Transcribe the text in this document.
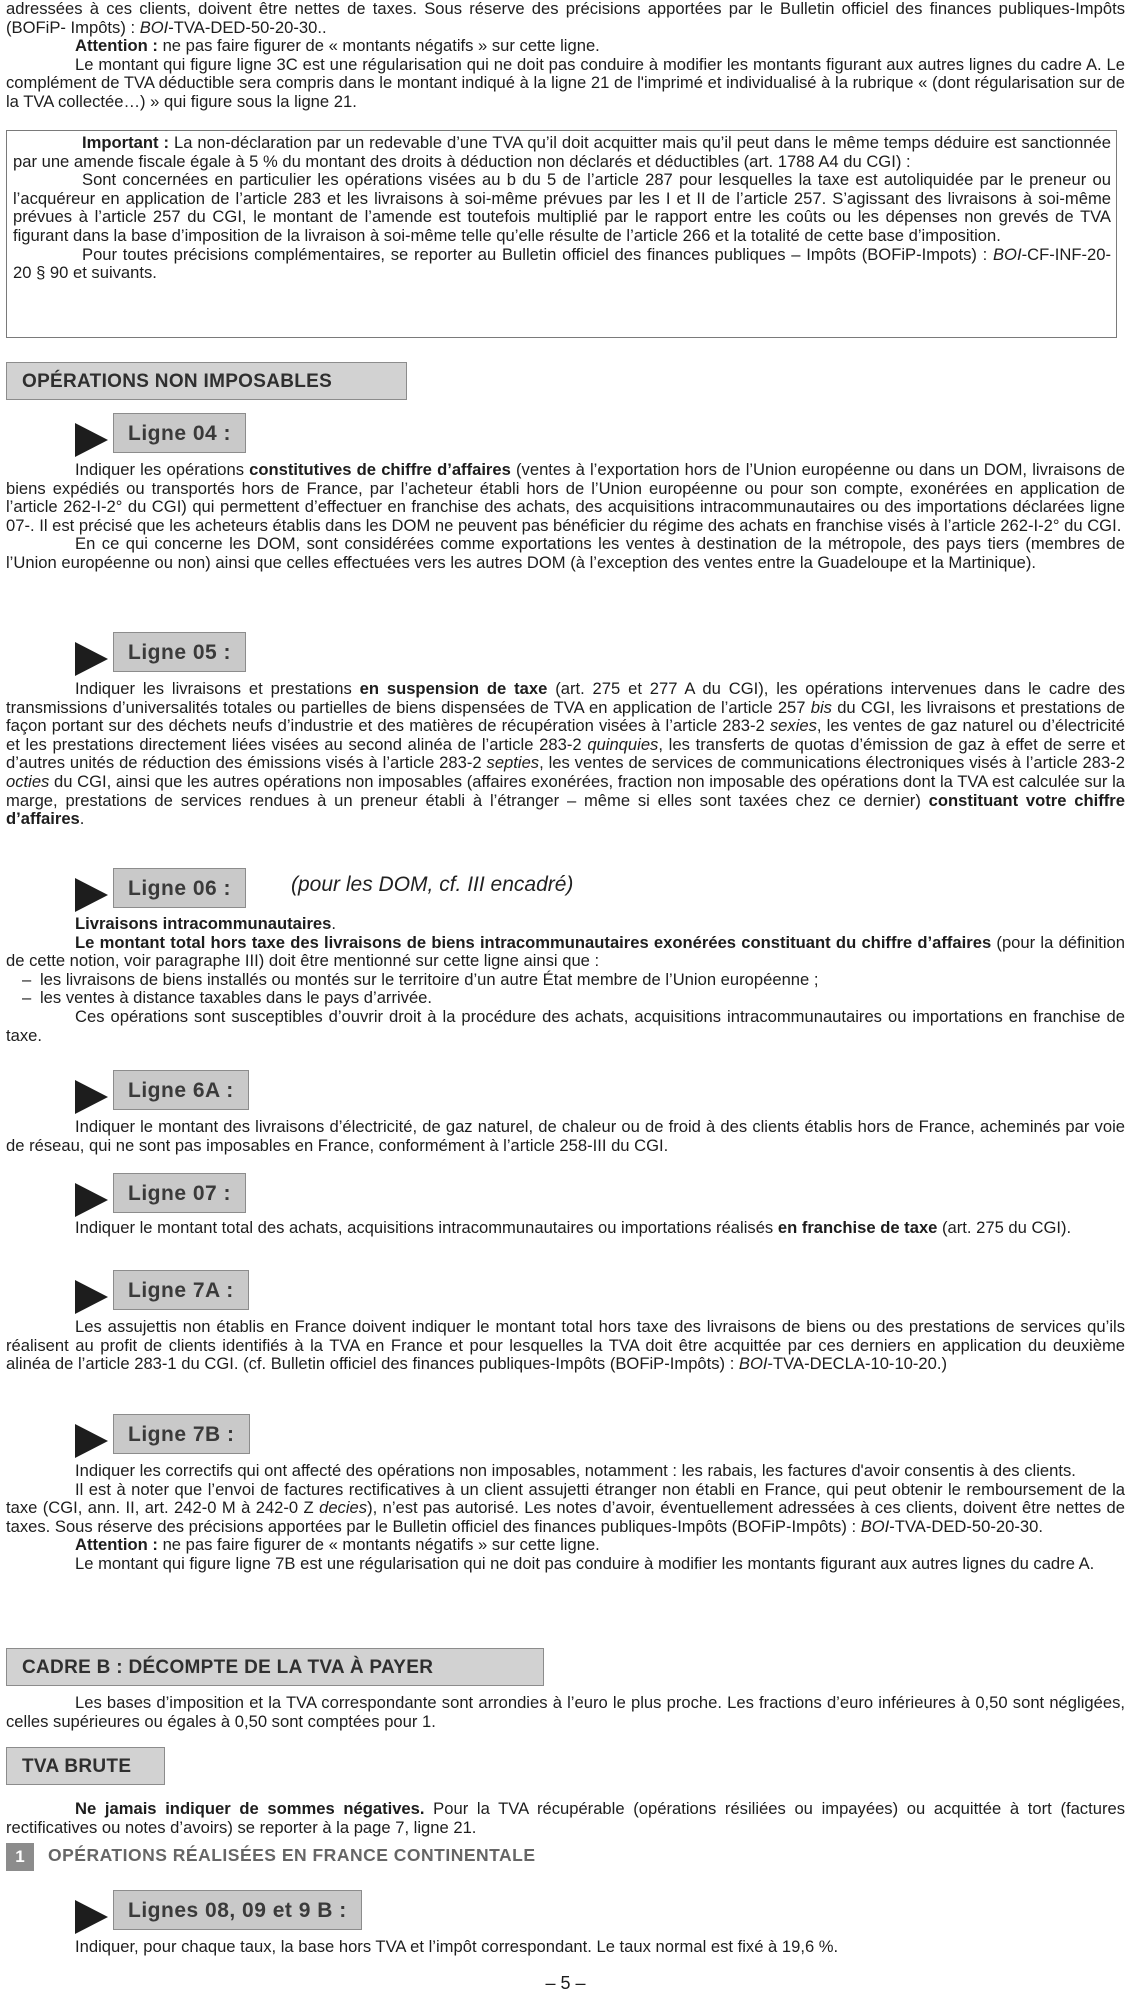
adressées à ces clients, doivent être nettes de taxes. Sous réserve des précisions apportées par le Bulletin officiel des finances publiques-Impôts (BOFiP- Impôts) : BOI-TVA-DED-50-20-30..

Attention : ne pas faire figurer de « montants négatifs » sur cette ligne.

Le montant qui figure ligne 3C est une régularisation qui ne doit pas conduire à modifier les montants figurant aux autres lignes du cadre A. Le complément de TVA déductible sera compris dans le montant indiqué à la ligne 21 de l'imprimé et individualisé à la rubrique « (dont régularisation sur de la TVA collectée…) » qui figure sous la ligne 21.

Important : La non-déclaration par un redevable d’une TVA qu’il doit acquitter mais qu’il peut dans le même temps déduire est sanctionnée par une amende fiscale égale à 5 % du montant des droits à déduction non déclarés et déductibles (art. 1788 A4 du CGI) :

Sont concernées en particulier les opérations visées au b du 5 de l’article 287 pour lesquelles la taxe est autoliquidée par le preneur ou l’acquéreur en application de l’article 283 et les livraisons à soi-même prévues par les I et II de l’article 257. S’agissant des livraisons à soi-même prévues à l’article 257 du CGI, le montant de l’amende est toutefois multiplié par le rapport entre les coûts ou les dépenses non grevés de TVA figurant dans la base d’imposition de la livraison à soi-même telle qu’elle résulte de l’article 266 et la totalité de cette base d’imposition.

Pour toutes précisions complémentaires, se reporter au Bulletin officiel des finances publiques – Impôts (BOFiP-Impots) : BOI-CF-INF-20-20 § 90 et suivants.

OPÉRATIONS NON IMPOSABLES
Ligne 04 :

Indiquer les opérations constitutives de chiffre d’affaires (ventes à l’exportation hors de l’Union européenne ou dans un DOM, livraisons de biens expédiés ou transportés hors de France, par l’acheteur établi hors de l’Union européenne ou pour son compte, exonérées en application de l’article 262-I-2° du CGI) qui permettent d’effectuer en franchise des achats, des acquisitions intracommunautaires ou des importations déclarées ligne 07-. Il est précisé que les acheteurs établis dans les DOM ne peuvent pas bénéficier du régime des achats en franchise visés à l’article 262-I-2° du CGI.

En ce qui concerne les DOM, sont considérées comme exportations les ventes à destination de la métropole, des pays tiers (membres de l’Union européenne ou non) ainsi que celles effectuées vers les autres DOM (à l’exception des ventes entre la Guadeloupe et la Martinique).

Ligne 05 :

Indiquer les livraisons et prestations en suspension de taxe (art. 275 et 277 A du CGI), les opérations intervenues dans le cadre des transmissions d’universalités totales ou partielles de biens dispensées de TVA en application de l’article 257 bis du CGI, les livraisons et prestations de façon portant sur des déchets neufs d’industrie et des matières de récupération visées à l’article 283-2 sexies, les ventes de gaz naturel ou d’électricité et les prestations directement liées visées au second alinéa de l’article 283-2 quinquies, les transferts de quotas d’émission de gaz à effet de serre et d’autres unités de réduction des émissions visés à l’article 283-2 septies, les ventes de services de communications électroniques visés à l’article 283-2 octies du CGI, ainsi que les autres opérations non imposables (affaires exonérées, fraction non imposable des opérations dont la TVA est calculée sur la marge, prestations de services rendues à un preneur établi à l’étranger – même si elles sont taxées chez ce dernier) constituant votre chiffre d’affaires.

Ligne 06 :	(pour les DOM, cf. III encadré)

Livraisons intracommunautaires.

Le montant total hors taxe des livraisons de biens intracommunautaires exonérées constituant du chiffre d’affaires (pour la définition de cette notion, voir paragraphe III) doit être mentionné sur cette ligne ainsi que :

– les livraisons de biens installés ou montés sur le territoire d’un autre État membre de l’Union européenne ;

– les ventes à distance taxables dans le pays d’arrivée.

Ces opérations sont susceptibles d’ouvrir droit à la procédure des achats, acquisitions intracommunautaires ou importations en franchise de taxe.

Ligne 6A :

Indiquer le montant des livraisons d’électricité, de gaz naturel, de chaleur ou de froid à des clients établis hors de France, acheminés par voie de réseau, qui ne sont pas imposables en France, conformément à l’article 258-III du CGI.

Ligne 07 :

Indiquer le montant total des achats, acquisitions intracommunautaires ou importations réalisés en franchise de taxe (art. 275 du CGI).

Ligne 7A :

Les assujettis non établis en France doivent indiquer le montant total hors taxe des livraisons de biens ou des prestations de services qu’ils réalisent au profit de clients identifiés à la TVA en France et pour lesquelles la TVA doit être acquittée par ces derniers en application du deuxième alinéa de l’article 283-1 du CGI. (cf. Bulletin officiel des finances publiques-Impôts (BOFiP-Impôts) : BOI-TVA-DECLA-10-10-20.)

Ligne 7B :

Indiquer les correctifs qui ont affecté des opérations non imposables, notamment : les rabais, les factures d'avoir consentis à des clients.

Il est à noter que l’envoi de factures rectificatives à un client assujetti étranger non établi en France, qui peut obtenir le remboursement de la taxe (CGI, ann. II, art. 242-0 M à 242-0 Z decies), n’est pas autorisé. Les notes d’avoir, éventuellement adressées à ces clients, doivent être nettes de taxes. Sous réserve des précisions apportées par le Bulletin officiel des finances publiques-Impôts (BOFiP-Impôts) : BOI-TVA-DED-50-20-30.

Attention : ne pas faire figurer de « montants négatifs » sur cette ligne.

Le montant qui figure ligne 7B est une régularisation qui ne doit pas conduire à modifier les montants figurant aux autres lignes du cadre A.

CADRE B : DÉCOMPTE DE LA TVA À PAYER

Les bases d’imposition et la TVA correspondante sont arrondies à l’euro le plus proche. Les fractions d’euro inférieures à 0,50 sont négligées, celles supérieures ou égales à 0,50 sont comptées pour 1.

TVA BRUTE

Ne jamais indiquer de sommes négatives. Pour la TVA récupérable (opérations résiliées ou impayées) ou acquittée à tort (factures rectificatives ou notes d’avoirs) se reporter à la page 7, ligne 21.

1	OPÉRATIONS RÉALISÉES EN FRANCE CONTINENTALE
Lignes 08, 09 et 9 B :

Indiquer, pour chaque taux, la base hors TVA et l’impôt correspondant. Le taux normal est fixé à 19,6 %.

– 5 –
